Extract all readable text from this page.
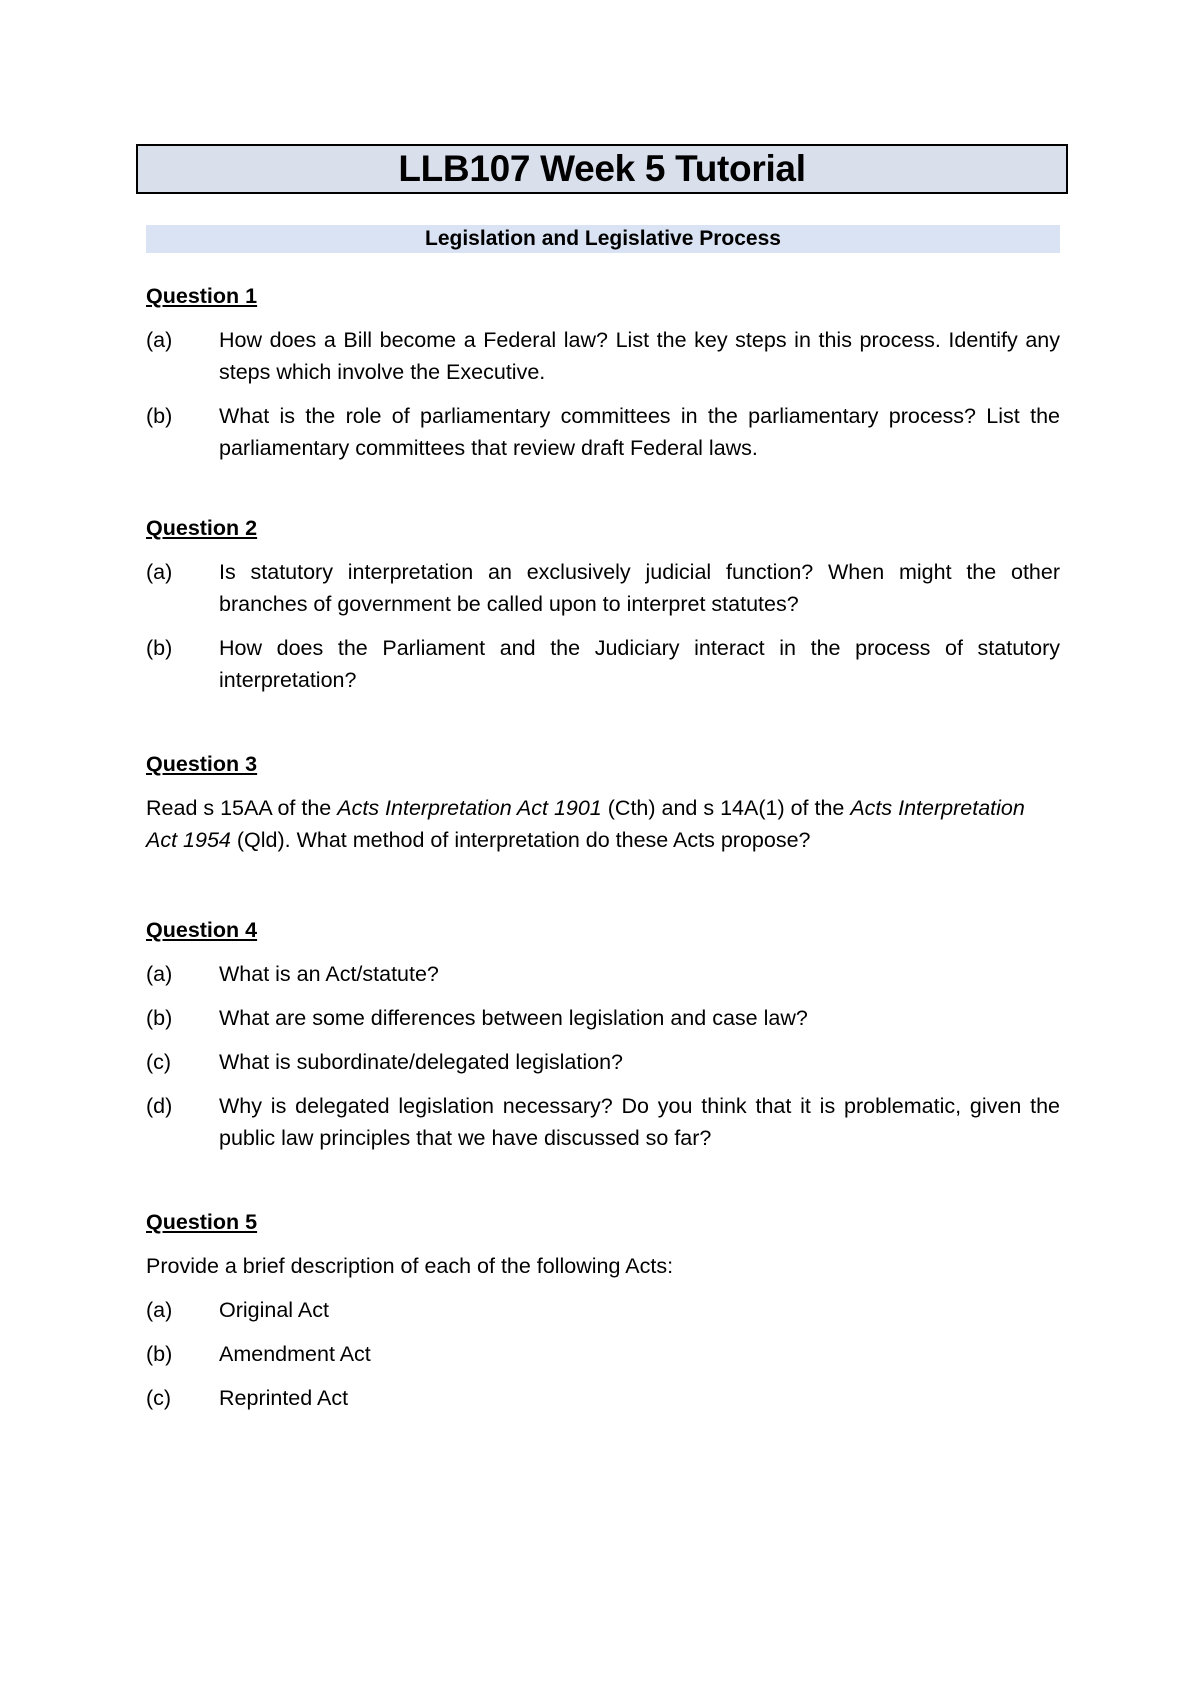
LLB107 Week 5 Tutorial
Legislation and Legislative Process
Question 1
(a)	How does a Bill become a Federal law? List the key steps in this process. Identify any steps which involve the Executive.
(b)	What is the role of parliamentary committees in the parliamentary process? List the parliamentary committees that review draft Federal laws.
Question 2
(a)	Is statutory interpretation an exclusively judicial function? When might the other branches of government be called upon to interpret statutes?
(b)	How does the Parliament and the Judiciary interact in the process of statutory interpretation?
Question 3
Read s 15AA of the Acts Interpretation Act 1901 (Cth) and s 14A(1) of the Acts Interpretation Act 1954 (Qld). What method of interpretation do these Acts propose?
Question 4
(a)	What is an Act/statute?
(b)	What are some differences between legislation and case law?
(c)	What is subordinate/delegated legislation?
(d)	Why is delegated legislation necessary? Do you think that it is problematic, given the public law principles that we have discussed so far?
Question 5
Provide a brief description of each of the following Acts:
(a)	Original Act
(b)	Amendment Act
(c)	Reprinted Act
